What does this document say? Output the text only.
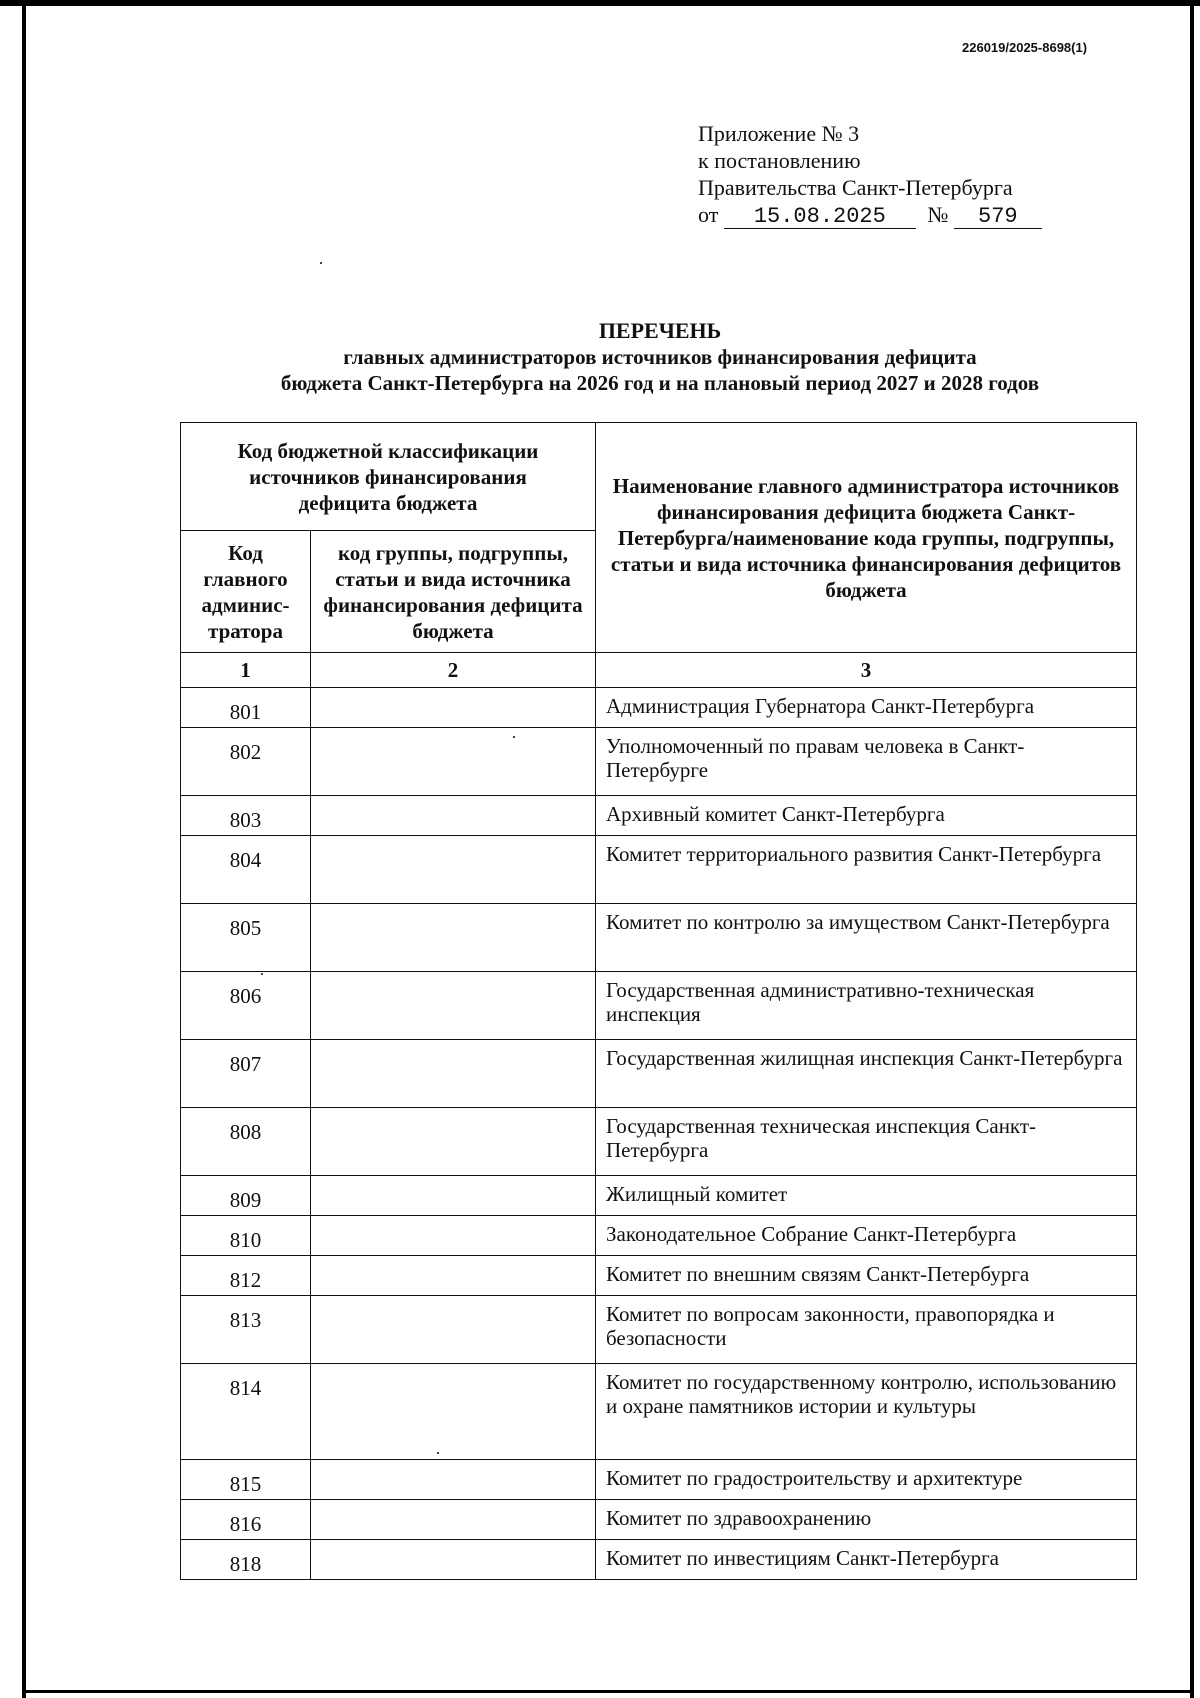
226019/2025-8698(1)
Приложение № 3
к постановлению
Правительства Санкт-Петербурга
от 15.08.2025 № 579
ПЕРЕЧЕНЬ
главных администраторов источников финансирования дефицита
бюджета Санкт-Петербурга на 2026 год и на плановый период 2027 и 2028 годов
Код бюджетной классификации источников финансирования дефицита бюджета		Наименование главного администратора источников финансирования дефицита бюджета Санкт-Петербурга/наименование кода группы, подгруппы, статьи и вида источника финансирования дефицитов бюджета
Код главного админис-тратора	код группы, подгруппы, статьи и вида источника финансирования дефицита бюджета	
1	2	3
801		Администрация Губернатора Санкт-Петербурга
802		Уполномоченный по правам человека в Санкт-Петербурге
803		Архивный комитет Санкт-Петербурга
804		Комитет территориального развития Санкт-Петербурга
805		Комитет по контролю за имуществом Санкт-Петербурга
806		Государственная административно-техническая инспекция
807		Государственная жилищная инспекция Санкт-Петербурга
808		Государственная техническая инспекция Санкт-Петербурга
809		Жилищный комитет
810		Законодательное Собрание Санкт-Петербурга
812		Комитет по внешним связям Санкт-Петербурга
813		Комитет по вопросам законности, правопорядка и безопасности
814		Комитет по государственному контролю, использованию и охране памятников истории и культуры
815		Комитет по градостроительству и архитектуре
816		Комитет по здравоохранению
818		Комитет по инвестициям Санкт-Петербурга
